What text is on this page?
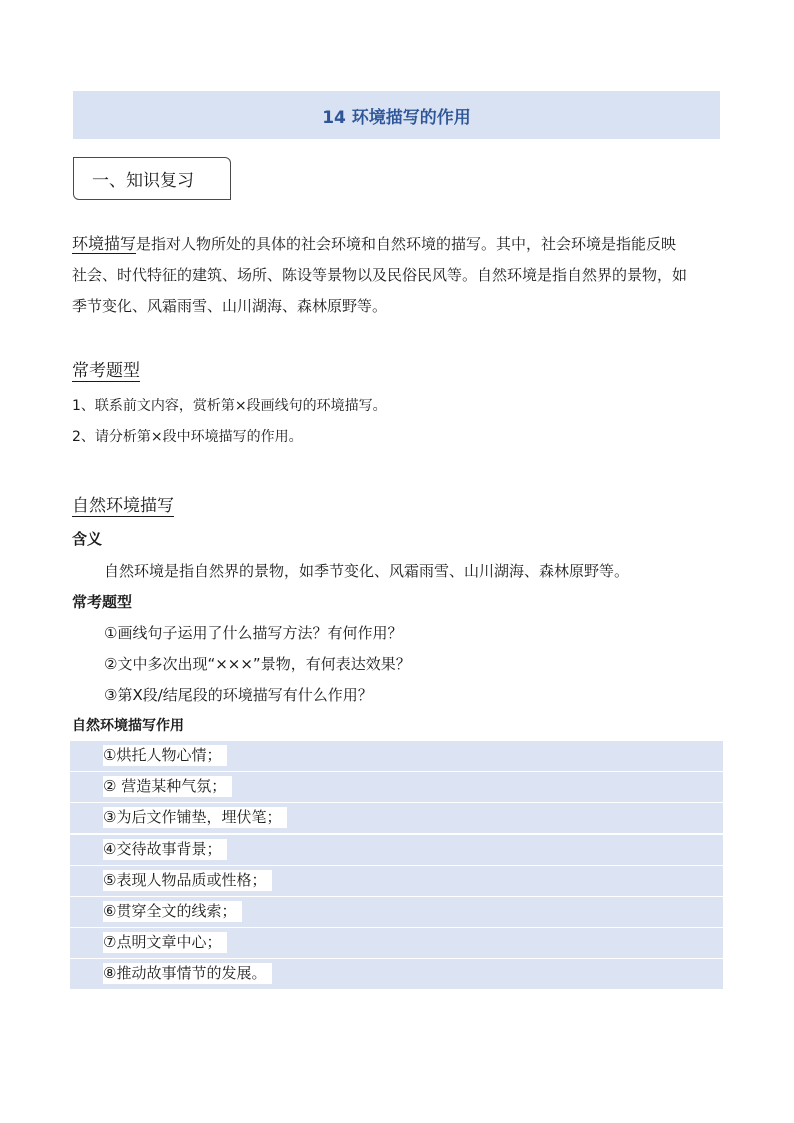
14 环境描写的作用
一、知识复习
环境描写是指对人物所处的具体的社会环境和自然环境的描写。其中，社会环境是指能反映
社会、时代特征的建筑、场所、陈设等景物以及民俗民风等。自然环境是指自然界的景物，如
季节变化、风霜雨雪、山川湖海、森林原野等。
常考题型
1、联系前文内容，赏析第×段画线句的环境描写。
2、请分析第×段中环境描写的作用。
自然环境描写
含义
自然环境是指自然界的景物，如季节变化、风霜雨雪、山川湖海、森林原野等。
常考题型
①画线句子运用了什么描写方法？有何作用？
②文中多次出现“×××”景物，有何表达效果？
③第X段/结尾段的环境描写有什么作用？
自然环境描写作用
①烘托人物心情；
② 营造某种气氛；
③为后文作铺垫，埋伏笔；
④交待故事背景；
⑤表现人物品质或性格；
⑥贯穿全文的线索；
⑦点明文章中心；
⑧推动故事情节的发展。
